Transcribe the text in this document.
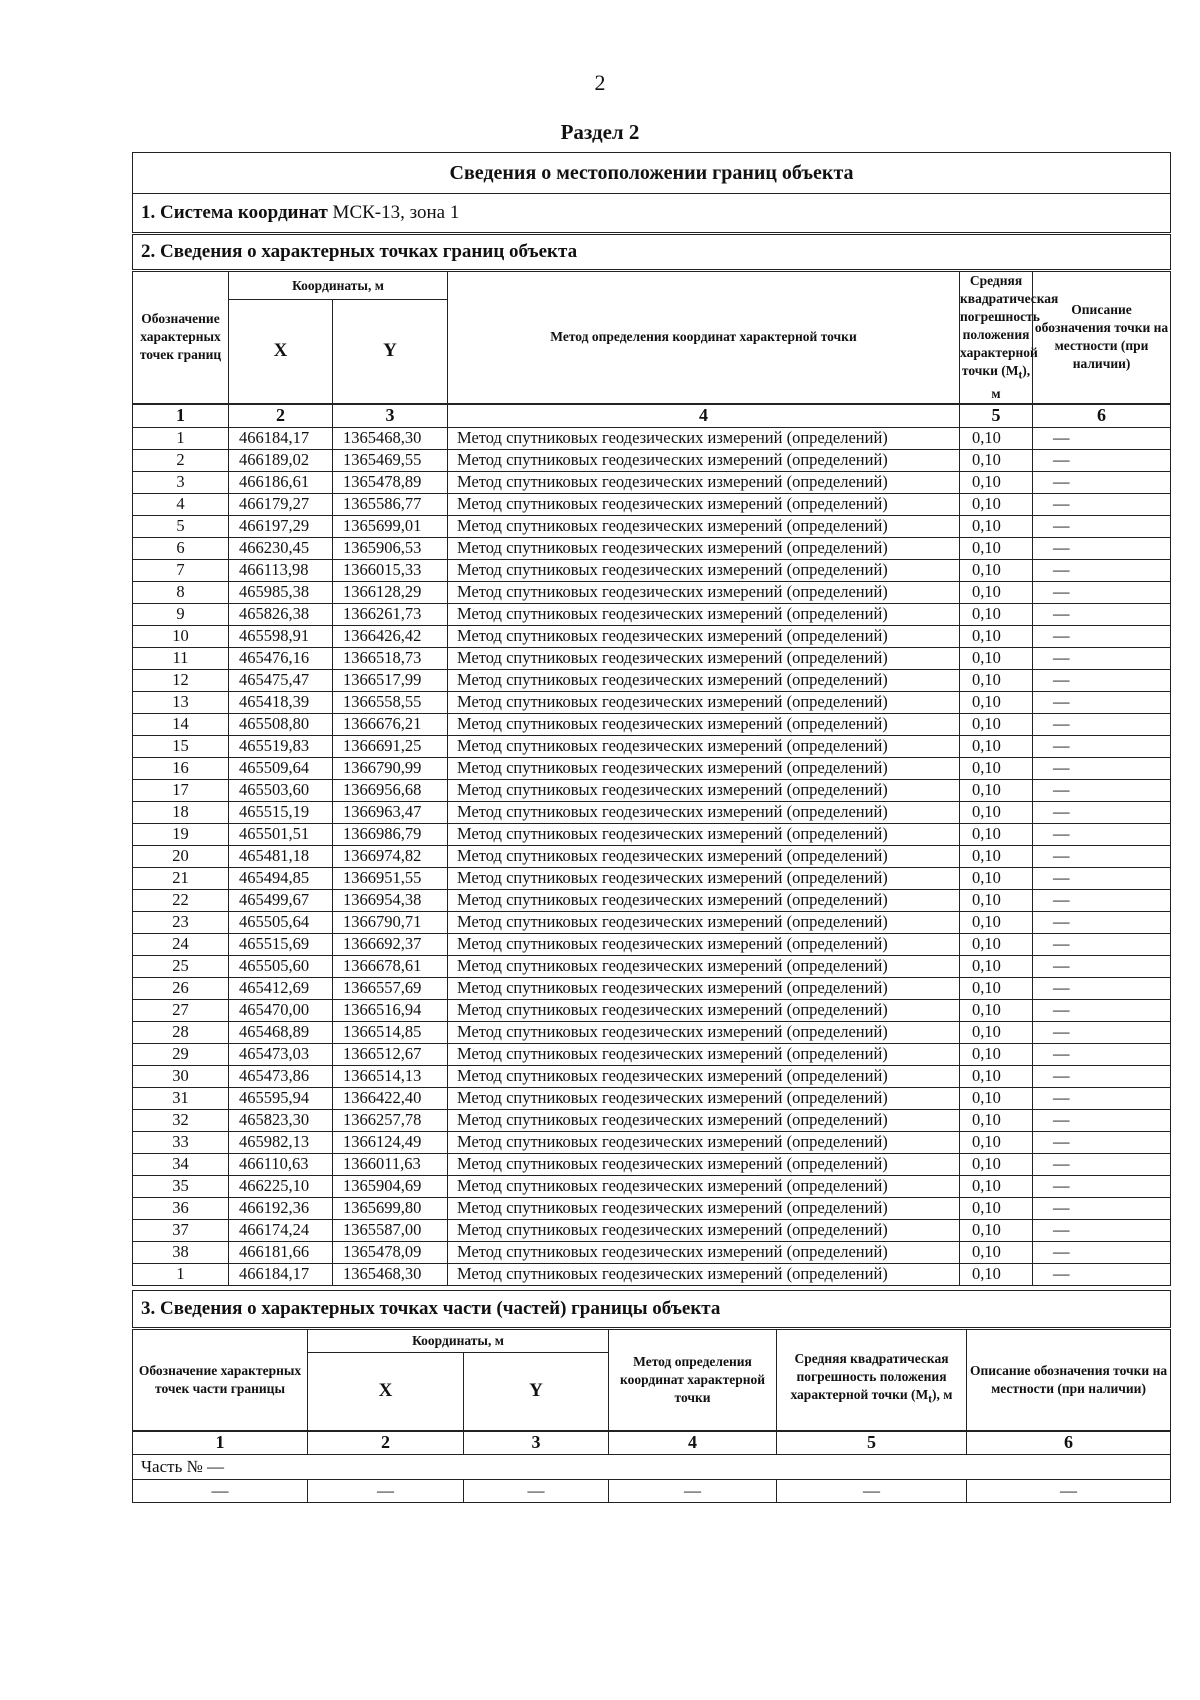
2
Раздел 2
Сведения о местоположении границ объекта					
1. Система координат МСК-13, зона 1					
2. Сведения о характерных точках границ объекта					
Обозначение характерных точек границ	Координаты, м		Метод определения координат характерной точки	Средняя квадратическая погрешность положения характерной точки $(M_t)$, м	Описание обозначения точки на местности (при наличии)
	X	Y			
1	2	3	4	5	6
1	466184,17	1365468,30	Метод спутниковых геодезических измерений (определений)	0,10	—
2	466189,02	1365469,55	Метод спутниковых геодезических измерений (определений)	0,10	—
3	466186,61	1365478,89	Метод спутниковых геодезических измерений (определений)	0,10	—
4	466179,27	1365586,77	Метод спутниковых геодезических измерений (определений)	0,10	—
5	466197,29	1365699,01	Метод спутниковых геодезических измерений (определений)	0,10	—
6	466230,45	1365906,53	Метод спутниковых геодезических измерений (определений)	0,10	—
7	466113,98	1366015,33	Метод спутниковых геодезических измерений (определений)	0,10	—
8	465985,38	1366128,29	Метод спутниковых геодезических измерений (определений)	0,10	—
9	465826,38	1366261,73	Метод спутниковых геодезических измерений (определений)	0,10	—
10	465598,91	1366426,42	Метод спутниковых геодезических измерений (определений)	0,10	—
11	465476,16	1366518,73	Метод спутниковых геодезических измерений (определений)	0,10	—
12	465475,47	1366517,99	Метод спутниковых геодезических измерений (определений)	0,10	—
13	465418,39	1366558,55	Метод спутниковых геодезических измерений (определений)	0,10	—
14	465508,80	1366676,21	Метод спутниковых геодезических измерений (определений)	0,10	—
15	465519,83	1366691,25	Метод спутниковых геодезических измерений (определений)	0,10	—
16	465509,64	1366790,99	Метод спутниковых геодезических измерений (определений)	0,10	—
17	465503,60	1366956,68	Метод спутниковых геодезических измерений (определений)	0,10	—
18	465515,19	1366963,47	Метод спутниковых геодезических измерений (определений)	0,10	—
19	465501,51	1366986,79	Метод спутниковых геодезических измерений (определений)	0,10	—
20	465481,18	1366974,82	Метод спутниковых геодезических измерений (определений)	0,10	—
21	465494,85	1366951,55	Метод спутниковых геодезических измерений (определений)	0,10	—
22	465499,67	1366954,38	Метод спутниковых геодезических измерений (определений)	0,10	—
23	465505,64	1366790,71	Метод спутниковых геодезических измерений (определений)	0,10	—
24	465515,69	1366692,37	Метод спутниковых геодезических измерений (определений)	0,10	—
25	465505,60	1366678,61	Метод спутниковых геодезических измерений (определений)	0,10	—
26	465412,69	1366557,69	Метод спутниковых геодезических измерений (определений)	0,10	—
27	465470,00	1366516,94	Метод спутниковых геодезических измерений (определений)	0,10	—
28	465468,89	1366514,85	Метод спутниковых геодезических измерений (определений)	0,10	—
29	465473,03	1366512,67	Метод спутниковых геодезических измерений (определений)	0,10	—
30	465473,86	1366514,13	Метод спутниковых геодезических измерений (определений)	0,10	—
31	465595,94	1366422,40	Метод спутниковых геодезических измерений (определений)	0,10	—
32	465823,30	1366257,78	Метод спутниковых геодезических измерений (определений)	0,10	—
33	465982,13	1366124,49	Метод спутниковых геодезических измерений (определений)	0,10	—
34	466110,63	1366011,63	Метод спутниковых геодезических измерений (определений)	0,10	—
35	466225,10	1365904,69	Метод спутниковых геодезических измерений (определений)	0,10	—
36	466192,36	1365699,80	Метод спутниковых геодезических измерений (определений)	0,10	—
37	466174,24	1365587,00	Метод спутниковых геодезических измерений (определений)	0,10	—
38	466181,66	1365478,09	Метод спутниковых геодезических измерений (определений)	0,10	—
1	466184,17	1365468,30	Метод спутниковых геодезических измерений (определений)	0,10	—
3. Сведения о характерных точках части (частей) границы объекта					
Обозначение характерных точек части границы	Координаты, м		Метод определения координат характерной точки	Средняя квадратическая погрешность положения характерной точки $(M_t)$, м	Описание обозначения точки на местности (при наличии)
	X	Y			
1	2	3	4	5	6
Часть № —					
—	—	—	—	—	—
